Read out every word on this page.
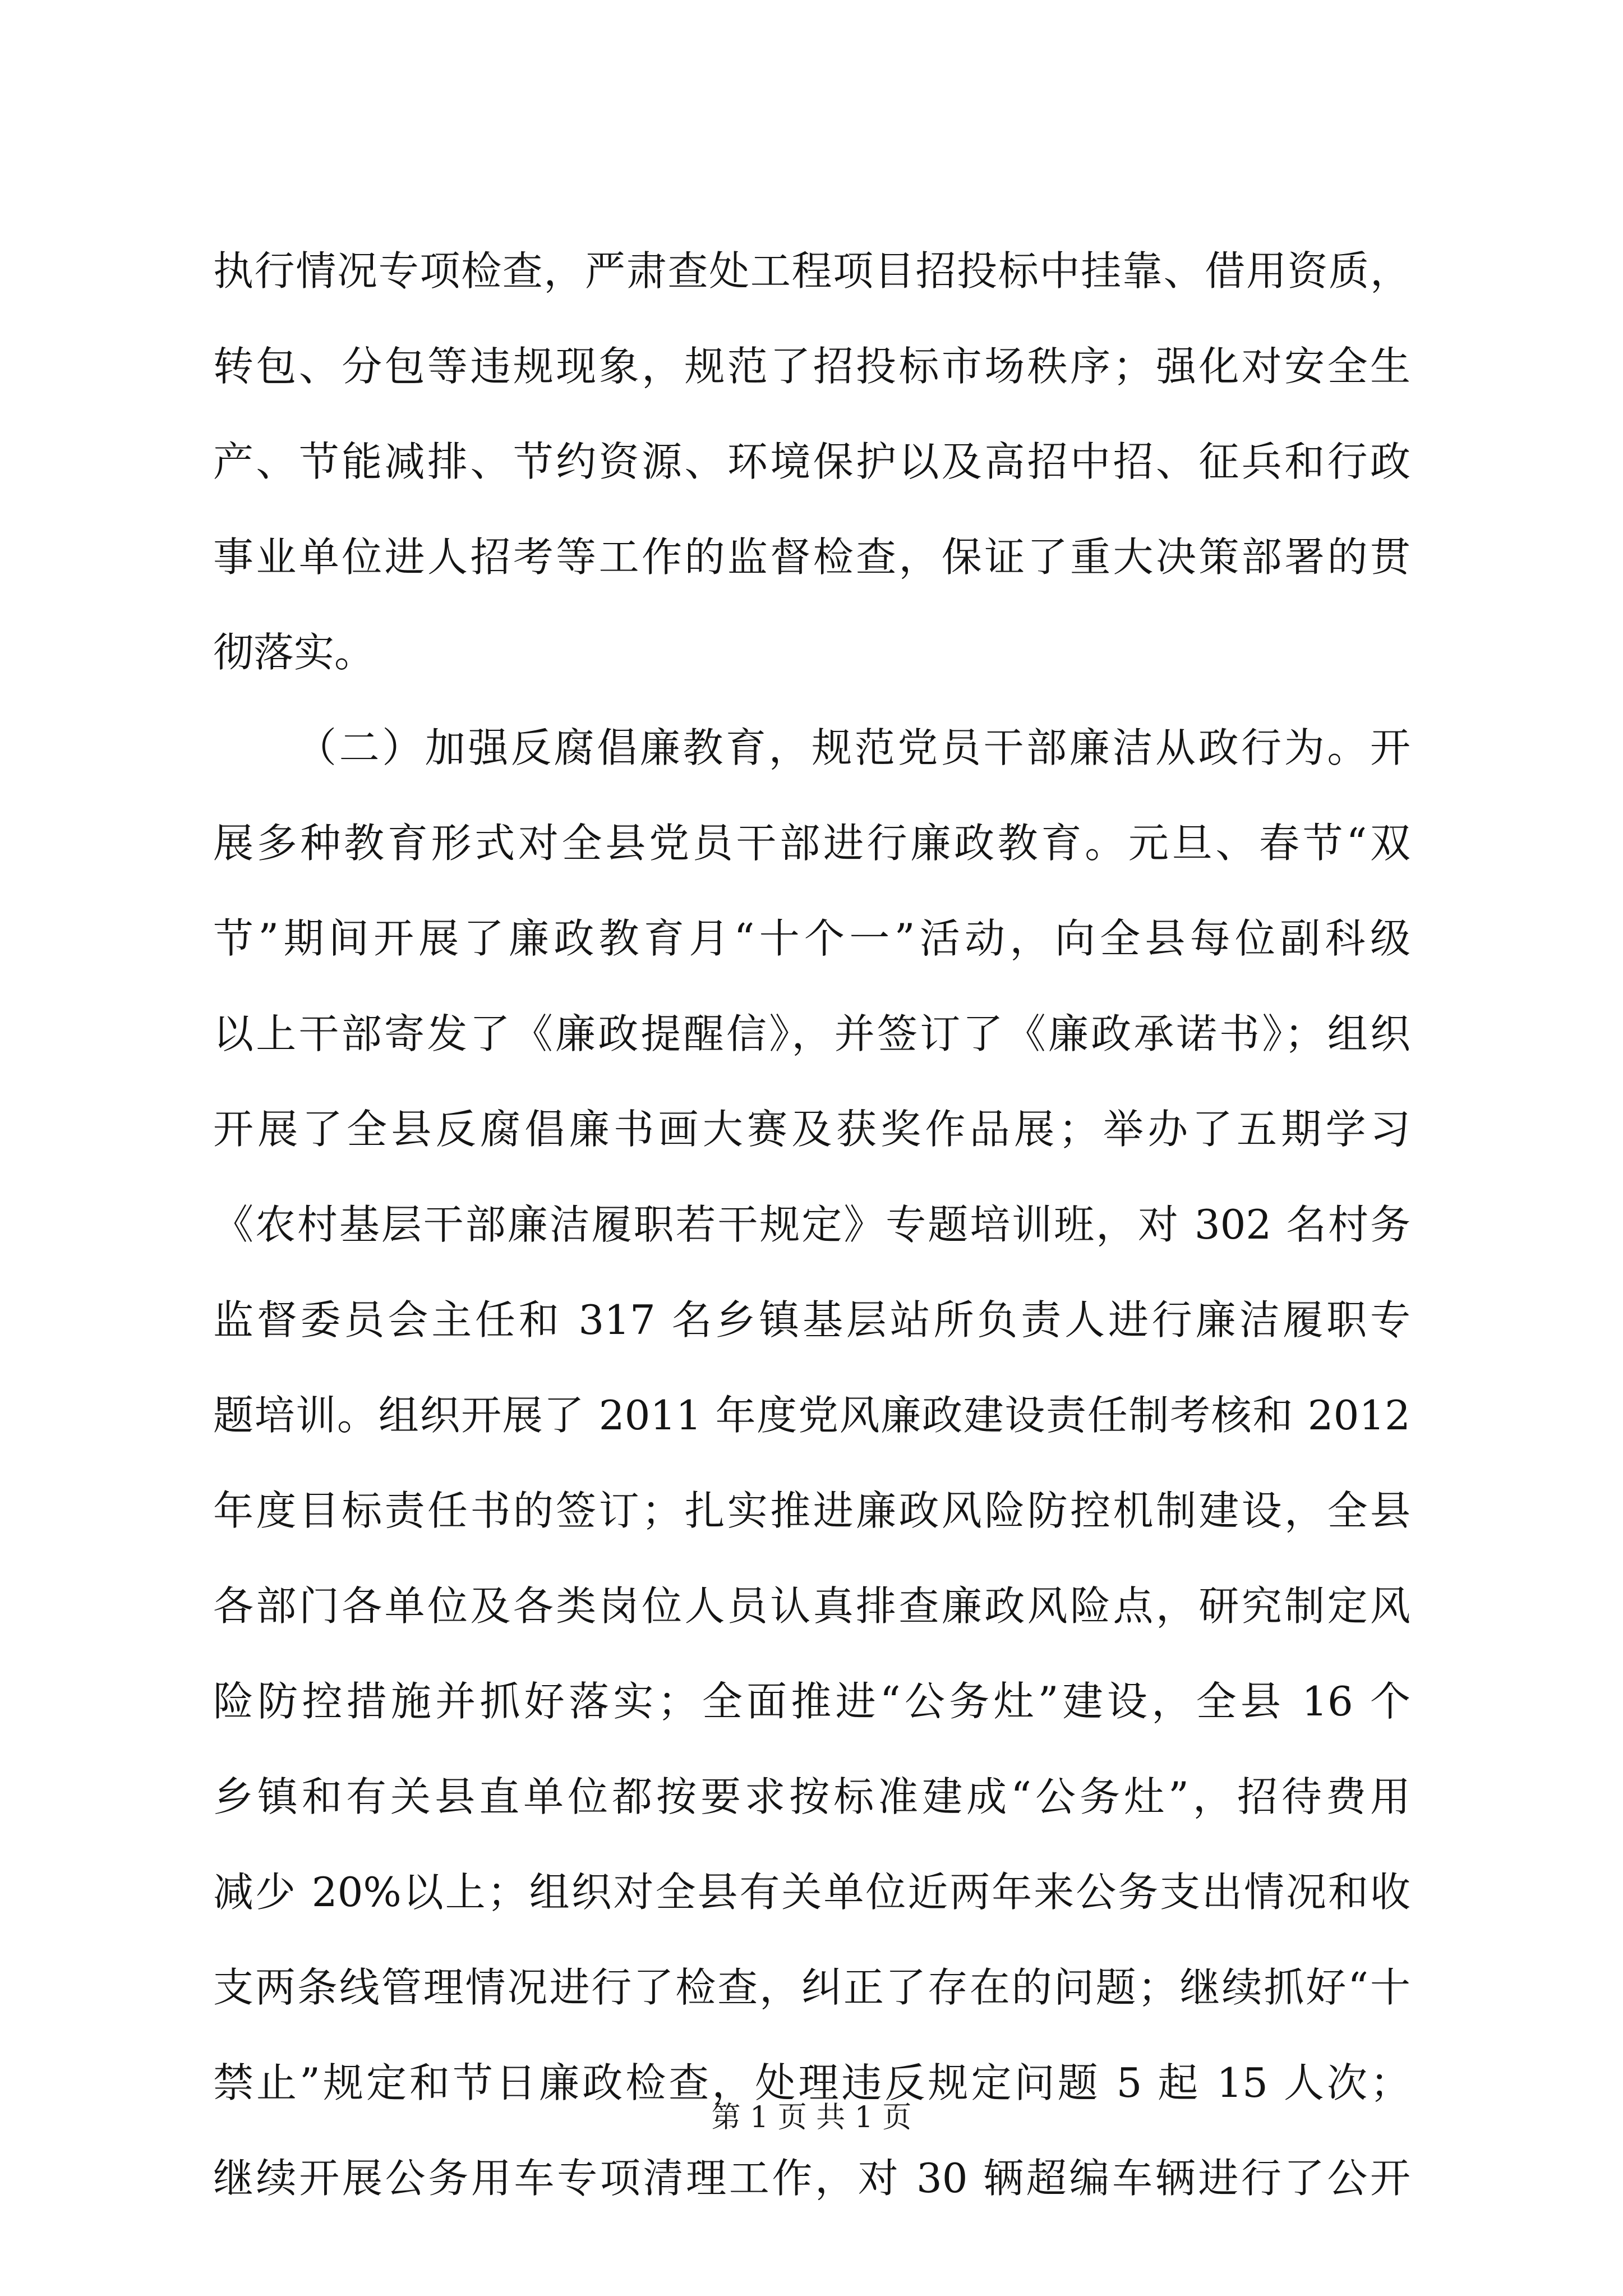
执行情况专项检查，严肃查处工程项目招投标中挂靠、借用资质，
转包、分包等违规现象，规范了招投标市场秩序；强化对安全生
产、节能减排、节约资源、环境保护以及高招中招、征兵和行政
事业单位进人招考等工作的监督检查，保证了重大决策部署的贯
彻落实。
（二）加强反腐倡廉教育，规范党员干部廉洁从政行为。开
展多种教育形式对全县党员干部进行廉政教育。元旦、春节“双
节”期间开展了廉政教育月“十个一”活动，向全县每位副科级
以上干部寄发了《廉政提醒信》，并签订了《廉政承诺书》；组织
开展了全县反腐倡廉书画大赛及获奖作品展；举办了五期学习
《农村基层干部廉洁履职若干规定》专题培训班，对 302 名村务
监督委员会主任和 317 名乡镇基层站所负责人进行廉洁履职专
题培训。组织开展了 2011 年度党风廉政建设责任制考核和 2012
年度目标责任书的签订；扎实推进廉政风险防控机制建设，全县
各部门各单位及各类岗位人员认真排查廉政风险点，研究制定风
险防控措施并抓好落实；全面推进“公务灶”建设，全县 16 个
乡镇和有关县直单位都按要求按标准建成“公务灶”，招待费用
减少 20%以上；组织对全县有关单位近两年来公务支出情况和收
支两条线管理情况进行了检查，纠正了存在的问题；继续抓好“十
禁止”规定和节日廉政检查，处理违反规定问题 5 起 15 人次；
继续开展公务用车专项清理工作，对 30 辆超编车辆进行了公开
第 1 页 共 1 页
